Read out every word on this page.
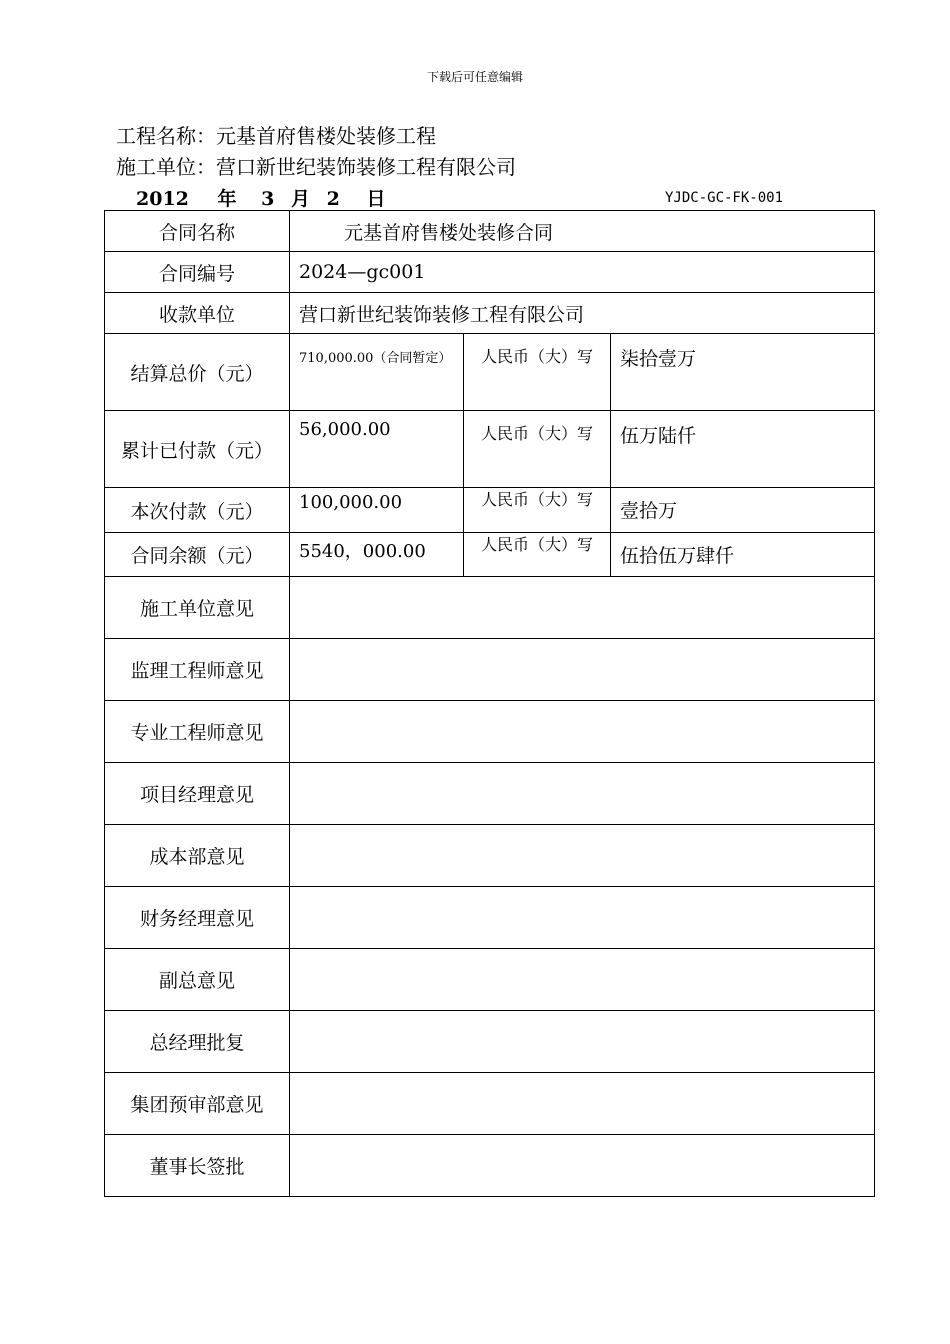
下载后可任意编辑
工程名称：元基首府售楼处装修工程
施工单位：营口新世纪装饰装修工程有限公司
2012 年 3 月 2 日	YJDC-GC-FK-001
合同名称	元基首府售楼处装修合同		
合同编号	2024—gc001		
收款单位	营口新世纪装饰装修工程有限公司		
结算总价（元）	710,000.00（合同暂定）	人民币（大）写	柒拾壹万
累计已付款（元）	56,000.00	人民币（大）写	伍万陆仟
本次付款（元）	100,000.00	人民币（大）写	壹拾万
合同余额（元）	5540，000.00	人民币（大）写	伍拾伍万肆仟
施工单位意见			
监理工程师意见			
专业工程师意见			
项目经理意见			
成本部意见			
财务经理意见			
副总意见			
总经理批复			
集团预审部意见			
董事长签批			
